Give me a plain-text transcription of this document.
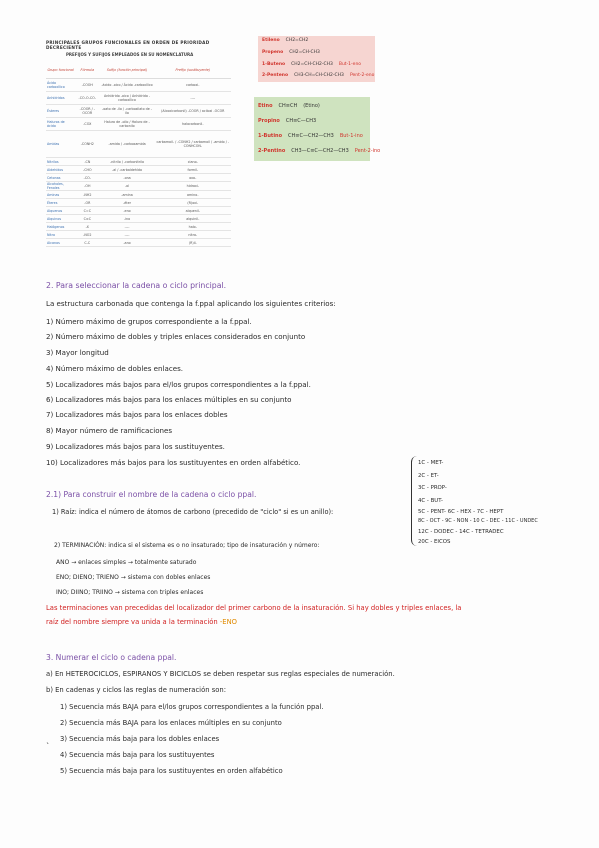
PRINCIPALES GRUPOS FUNCIONALES EN ORDEN DE PRIORIDAD DECRECIENTE
PREFIJOS Y SUFIJOS EMPLEADOS EN SU NOMENCLATURA
Grupo funcional	Fórmula	Sufijo (función principal)	Prefijo (sustituyente)
Ácido carboxílico	-COOH	-ácido -oico / Ácido -carboxílico	carboxi-
Anhídridos	-CO-O-CO-	Anhídrido -oico / Anhídrido -carboxílico	----
Ésteres	-COOR / -OCOR	-oato de -ilo / -carboxilato de -ilo	(Alcoxicarbonil) -COOR / aciloxi -OCOR
Haluros de ácido	-COX	Haluro de -oilo / Haluro de -carbonilo	halocarbonil-
Amidas	-CONH2	-amida / -carboxamida	carbamoil- / -CONH2 / carbamoil / -amido / -CONHCON-
Nitrilos	-CN	-nitrilo / -carbonitrilo	ciano-
Aldehídos	-CHO	-al / -carbaldehído	formil-
Cetonas	-CO-	-ona	oxo-
Alcoholes, Fenoles	-OH	-ol	hidroxi-
Aminas	-NH2	-amina	amino-
Éteres	-OR	-éter	(R)oxi-
Alquenos	C=C	-eno	alquenil-
Alquinos	C≡C	-ino	alquinil-
Halógenos	-X	----	halo-
Nitro	-NO2	----	nitro-
Alcanos	C-C	-ano	(R)il-
Etileno CH2=CH2
Propeno CH2=CH-CH3
1-Buteno CH2=CH-CH2-CH3 But-1-eno
2-Penteno CH3-CH=CH-CH2-CH3 Pent-2-eno
Etino CH≡CH (Etino)
Propino CH≡C—CH3
1-Butino CH≡C—CH2—CH3 But-1-ino
2-Pentino CH3—C≡C—CH2—CH3 Pent-2-ino
2. Para seleccionar la cadena o ciclo principal.
La estructura carbonada que contenga la f.ppal aplicando los siguientes criterios:
1) Número máximo de grupos correspondiente a la f.ppal.
2) Número máximo de dobles y triples enlaces considerados en conjunto
3) Mayor longitud
4) Número máximo de dobles enlaces.
5) Localizadores más bajos para el/los grupos correspondientes a la f.ppal.
6) Localizadores más bajos para los enlaces múltiples en su conjunto
7) Localizadores más bajos para los enlaces dobles
8) Mayor número de ramificaciones
9) Localizadores más bajos para los sustituyentes.
10) Localizadores más bajos para los sustituyentes en orden alfabético.
2.1) Para construir el nombre de la cadena o ciclo ppal.
1) Raíz: indica el número de átomos de carbono (precedido de "ciclo" si es un anillo):
1C - MET-
2C - ET-
3C - PROP-
4C - BUT-
5C - PENT- 6C - HEX - 7C - HEPT
8C - OCT - 9C - NON - 10 C - DEC - 11C - UNDEC
12C - DODEC - 14C - TETRADEC
20C - EICOS
2) TERMINACIÓN: indica si el sistema es o no insaturado; tipo de insaturación y número:
ANO → enlaces simples → totalmente saturado
ENO; DIENO; TRIENO → sistema con dobles enlaces
INO; DIINO; TRIINO → sistema con triples enlaces
Las terminaciones van precedidas del localizador del primer carbono de la insaturación. Si hay dobles y triples enlaces, la
raíz del nombre siempre va unida a la terminación -ENO
3. Numerar el ciclo o cadena ppal.
a) En HETEROCICLOS, ESPIRANOS Y BICICLOS se deben respetar sus reglas especiales de numeración.
b) En cadenas y ciclos las reglas de numeración son:
1) Secuencia más BAJA para el/los grupos correspondientes a la función ppal.
2) Secuencia más BAJA para los enlaces múltiples en su conjunto
3) Secuencia más baja para los dobles enlaces
4) Secuencia más baja para los sustituyentes
5) Secuencia más baja para los sustituyentes en orden alfabético
`
